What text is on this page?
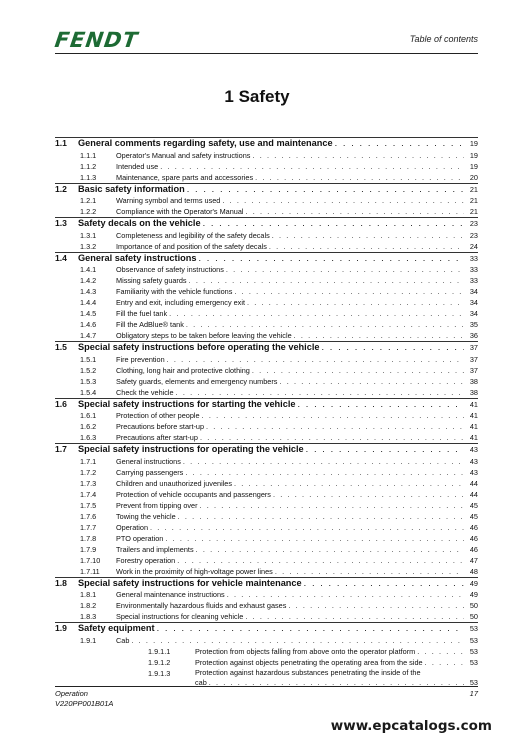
FENDT	Table of contents
1 Safety
1.1 General comments regarding safety, use and maintenance . . .	19
1.1.1	Operator's Manual and safety instructions . . .	19
1.1.2	Intended use . . .	19
1.1.3	Maintenance, spare parts and accessories . . .	20
1.2 Basic safety information . . .	21
1.2.1	Warning symbol and terms used . . .	21
1.2.2	Compliance with the Operator's Manual . . .	21
1.3 Safety decals on the vehicle . . .	23
1.3.1	Completeness and legibility of the safety decals . . .	23
1.3.2	Importance of and position of the safety decals . . .	24
1.4 General safety instructions . . .	33
1.4.1	Observance of safety instructions . . .	33
1.4.2	Missing safety guards . . .	33
1.4.3	Familiarity with the vehicle functions . . .	34
1.4.4	Entry and exit, including emergency exit . . .	34
1.4.5	Fill the fuel tank . . .	34
1.4.6	Fill the AdBlue® tank . . .	35
1.4.7	Obligatory steps to be taken before leaving the vehicle . . .	36
1.5 Special safety instructions before operating the vehicle . . .	37
1.5.1	Fire prevention . . .	37
1.5.2	Clothing, long hair and protective clothing . . .	37
1.5.3	Safety guards, elements and emergency numbers . . .	38
1.5.4	Check the vehicle . . .	38
1.6 Special safety instructions for starting the vehicle . . .	41
1.6.1	Protection of other people . . .	41
1.6.2	Precautions before start-up . . .	41
1.6.3	Precautions after start-up . . .	41
1.7 Special safety instructions for operating the vehicle . . .	43
1.7.1	General instructions . . .	43
1.7.2	Carrying passengers . . .	43
1.7.3	Children and unauthorized juveniles . . .	44
1.7.4	Protection of vehicle occupants and passengers . . .	44
1.7.5	Prevent from tipping over . . .	45
1.7.6	Towing the vehicle . . .	45
1.7.7	Operation . . .	46
1.7.8	PTO operation . . .	46
1.7.9	Trailers and implements . . .	46
1.7.10 Forestry operation . . .	47
1.7.11 Work in the proximity of high-voltage power lines . . .	48
1.8 Special safety instructions for vehicle maintenance . . .	49
1.8.1	General maintenance instructions . . .	49
1.8.2	Environmentally hazardous fluids and exhaust gases . . .	50
1.8.3	Special instructions for cleaning vehicle . . .	50
1.9 Safety equipment . . .	53
1.9.1	Cab . . .	53
1.9.1.1	Protection from objects falling from above onto the operator platform . . .	53
1.9.1.2	Protection against objects penetrating the operating area from the side . . .	53
1.9.1.3	Protection against hazardous substances penetrating the inside of the
cab . . .	53
Operation
V220PP001B01A
17
www.epcatalogs.com
